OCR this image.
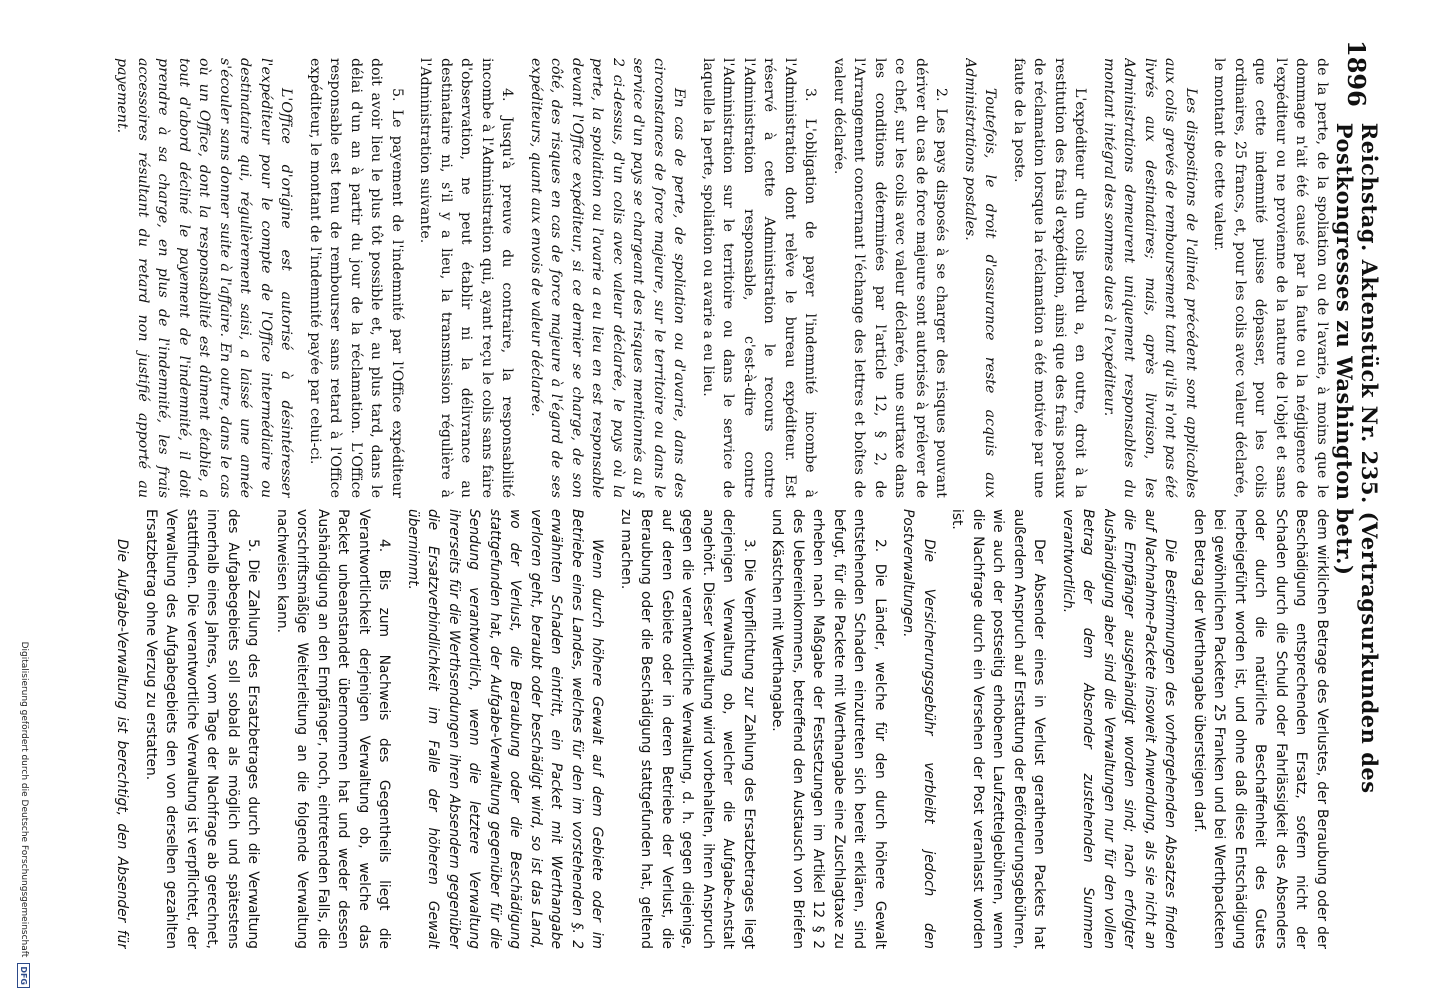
1896
Reichstag. Aktenstück Nr. 235. (Vertragsurkunden des Postkongresses zu Washington betr.)

de la perte, de la spoliation ou de l'avarie, à moins que le dommage n'ait été causé par la faute ou la négligence de l'expéditeur ou ne provienne de la nature de l'objet et sans que cette indemnité puisse dépasser, pour les colis ordinaires, 25 francs, et, pour les colis avec valeur déclarée, le montant de cette valeur.

Les dispositions de l'alinéa précédent sont applicables aux colis grevés de remboursement tant qu'ils n'ont pas été livrés aux destinataires; mais, après livraison, les Administrations demeurent uniquement responsables du montant intégral des sommes dues à l'expéditeur.

L'expéditeur d'un colis perdu a, en outre, droit à la restitution des frais d'expédition, ainsi que des frais postaux de réclamation lorsque la réclamation a été motivée par une faute de la poste.

Toutefois, le droit d'assurance reste acquis aux Administrations postales.

2. Les pays disposés à se charger des risques pouvant dériver du cas de force majeure sont autorisés à prélever de ce chef, sur les colis avec valeur déclarée, une surtaxe dans les conditions déterminées par l'article 12, § 2, de l'Arrangement concernant l'échange des lettres et boîtes de valeur déclarée.

3. L'obligation de payer l'indemnité incombe à l'Administration dont relève le bureau expéditeur. Est réservé à cette Administration le recours contre l'Administration responsable, c'est-à-dire contre l'Administration sur le territoire ou dans le service de laquelle la perte, spoliation ou avarie a eu lieu.

En cas de perte, de spoliation ou d'avarie, dans des circonstances de force majeure, sur le territoire ou dans le service d'un pays se chargeant des risques mentionnés au § 2 ci-dessus, d'un colis avec valeur déclarée, le pays où la perte, la spoliation ou l'avarie a eu lieu en est responsable devant l'Office expéditeur, si ce dernier se charge, de son côté, des risques en cas de force majeure à l'égard de ses expéditeurs, quant aux envois de valeur déclarée.

4. Jusqu'à preuve du contraire, la responsabilité incombe à l'Administration qui, ayant reçu le colis sans faire d'observation, ne peut établir ni la délivrance au destinataire ni, s'il y a lieu, la transmission régulière à l'Administration suivante.

5. Le payement de l'indemnité par l'Office expéditeur doit avoir lieu le plus tôt possible et, au plus tard, dans le délai d'un an à partir du jour de la réclamation. L'Office responsable est tenu de rembourser sans retard à l'Office expéditeur, le montant de l'indemnité payée par celui-ci.

L'Office d'origine est autorisé à désintéresser l'expéditeur pour le compte de l'Office intermédiaire ou destinataire qui, régulièrement saisi, a laissé une année s'écouler sans donner suite à l'affaire. En outre, dans le cas où un Office, dont la responsabilité est dûment établie, a tout d'abord décliné le payement de l'indemnité, il doit prendre à sa charge, en plus de l'indemnité, les frais accessoires résultant du retard non justifié apporté au payement.

dem wirklichen Betrage des Verlustes, der Beraubung oder der Beschädigung entsprechenden Ersatz, sofern nicht der Schaden durch die Schuld oder Fahrlässigkeit des Absenders oder durch die natürliche Beschaffenheit des Gutes herbeigeführt worden ist, und ohne daß diese Entschädigung bei gewöhnlichen Packeten 25 Franken und bei Werthpacketen den Betrag der Werthangabe übersteigen darf.

Die Bestimmungen des vorhergehenden Absatzes finden auf Nachnahme-Packete insoweit Anwendung, als sie nicht an die Empfänger ausgehändigt worden sind; nach erfolgter Aushändigung aber sind die Verwaltungen nur für den vollen Betrag der dem Absender zustehenden Summen verantwortlich.

Der Absender eines in Verlust gerathenen Packets hat außerdem Anspruch auf Erstattung der Beförderungsgebühren, wie auch der postseitig erhobenen Laufzettelgebühren, wenn die Nachfrage durch ein Versehen der Post veranlasst worden ist.

Die Versicherungsgebühr verbleibt jedoch den Postverwaltungen.

2. Die Länder, welche für den durch höhere Gewalt entstehenden Schaden einzutreten sich bereit erklären, sind befugt, für die Packete mit Werthangabe eine Zuschlagtaxe zu erheben nach Maßgabe der Festsetzungen im Artikel 12 § 2 des Uebereinkommens, betreffend den Austausch von Briefen und Kästchen mit Werthangabe.

3. Die Verpflichtung zur Zahlung des Ersatzbetrages liegt derjenigen Verwaltung ob, welcher die Aufgabe-Anstalt angehört. Dieser Verwaltung wird vorbehalten, ihren Anspruch gegen die verantwortliche Verwaltung, d. h. gegen diejenige, auf deren Gebiete oder in deren Betriebe der Verlust, die Beraubung oder die Beschädigung stattgefunden hat, geltend zu machen.

Wenn durch höhere Gewalt auf dem Gebiete oder im Betriebe eines Landes, welches für den im vorstehenden §. 2 erwähnten Schaden eintritt, ein Packet mit Werthangabe verloren geht, beraubt oder beschädigt wird, so ist das Land, wo der Verlust, die Beraubung oder die Beschädigung stattgefunden hat, der Aufgabe-Verwaltung gegenüber für die Sendung verantwortlich, wenn die letztere Verwaltung ihrerseits für die Werthsendungen ihren Absendern gegenüber die Ersatzverbindlichkeit im Falle der höheren Gewalt übernimmt.

4. Bis zum Nachweis des Gegentheils liegt die Verantwortlichkeit derjenigen Verwaltung ob, welche das Packet unbeanstandet übernommen hat und weder dessen Aushändigung an den Empfänger, noch, eintretenden Falls, die vorschriftsmäßige Weiterleitung an die folgende Verwaltung nachweisen kann.

5. Die Zahlung des Ersatzbetrages durch die Verwaltung des Aufgabegebiets soll sobald als möglich und spätestens innerhalb eines Jahres, vom Tage der Nachfrage ab gerechnet, stattfinden. Die verantwortliche Verwaltung ist verpflichtet, der Verwaltung des Aufgabegebiets den von derselben gezahlten Ersatzbetrag ohne Verzug zu erstatten.

Die Aufgabe-Verwaltung ist berechtigt, den Absender für

Digitalisierung gefördert durch die Deutsche Forschungsgemeinschaft
DFG
